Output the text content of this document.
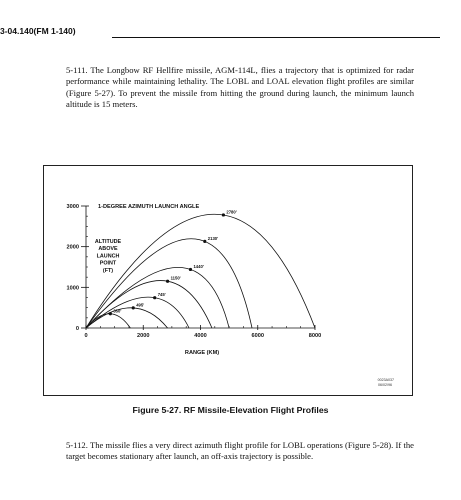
3-04.140(FM 1-140)

5-111. The Longbow RF Hellfire missile, AGM-114L, flies a trajectory that is optimized for radar performance while maintaining lethality. The LOBL and LOAL elevation flight profiles are similar (Figure 5-27). To prevent the missile from hitting the ground during launch, the minimum launch altitude is 15 meters.

0
1000
2000
3000
0	2000	4000	6000	8000
350'
495'
745'
1150'
1440'
2130'
2780'
1-DEGREE AZIMUTH LAUNCH ANGLE
RANGE (KM)
ALTITUDE
ABOVE
LAUNCH
POINT
(FT)
0023A037
06/02/96
Figure 5-27. RF Missile-Elevation Flight Profiles

5-112. The missile flies a very direct azimuth flight profile for LOBL operations (Figure 5-28). If the target becomes stationary after launch, an off-axis trajectory is possible.
